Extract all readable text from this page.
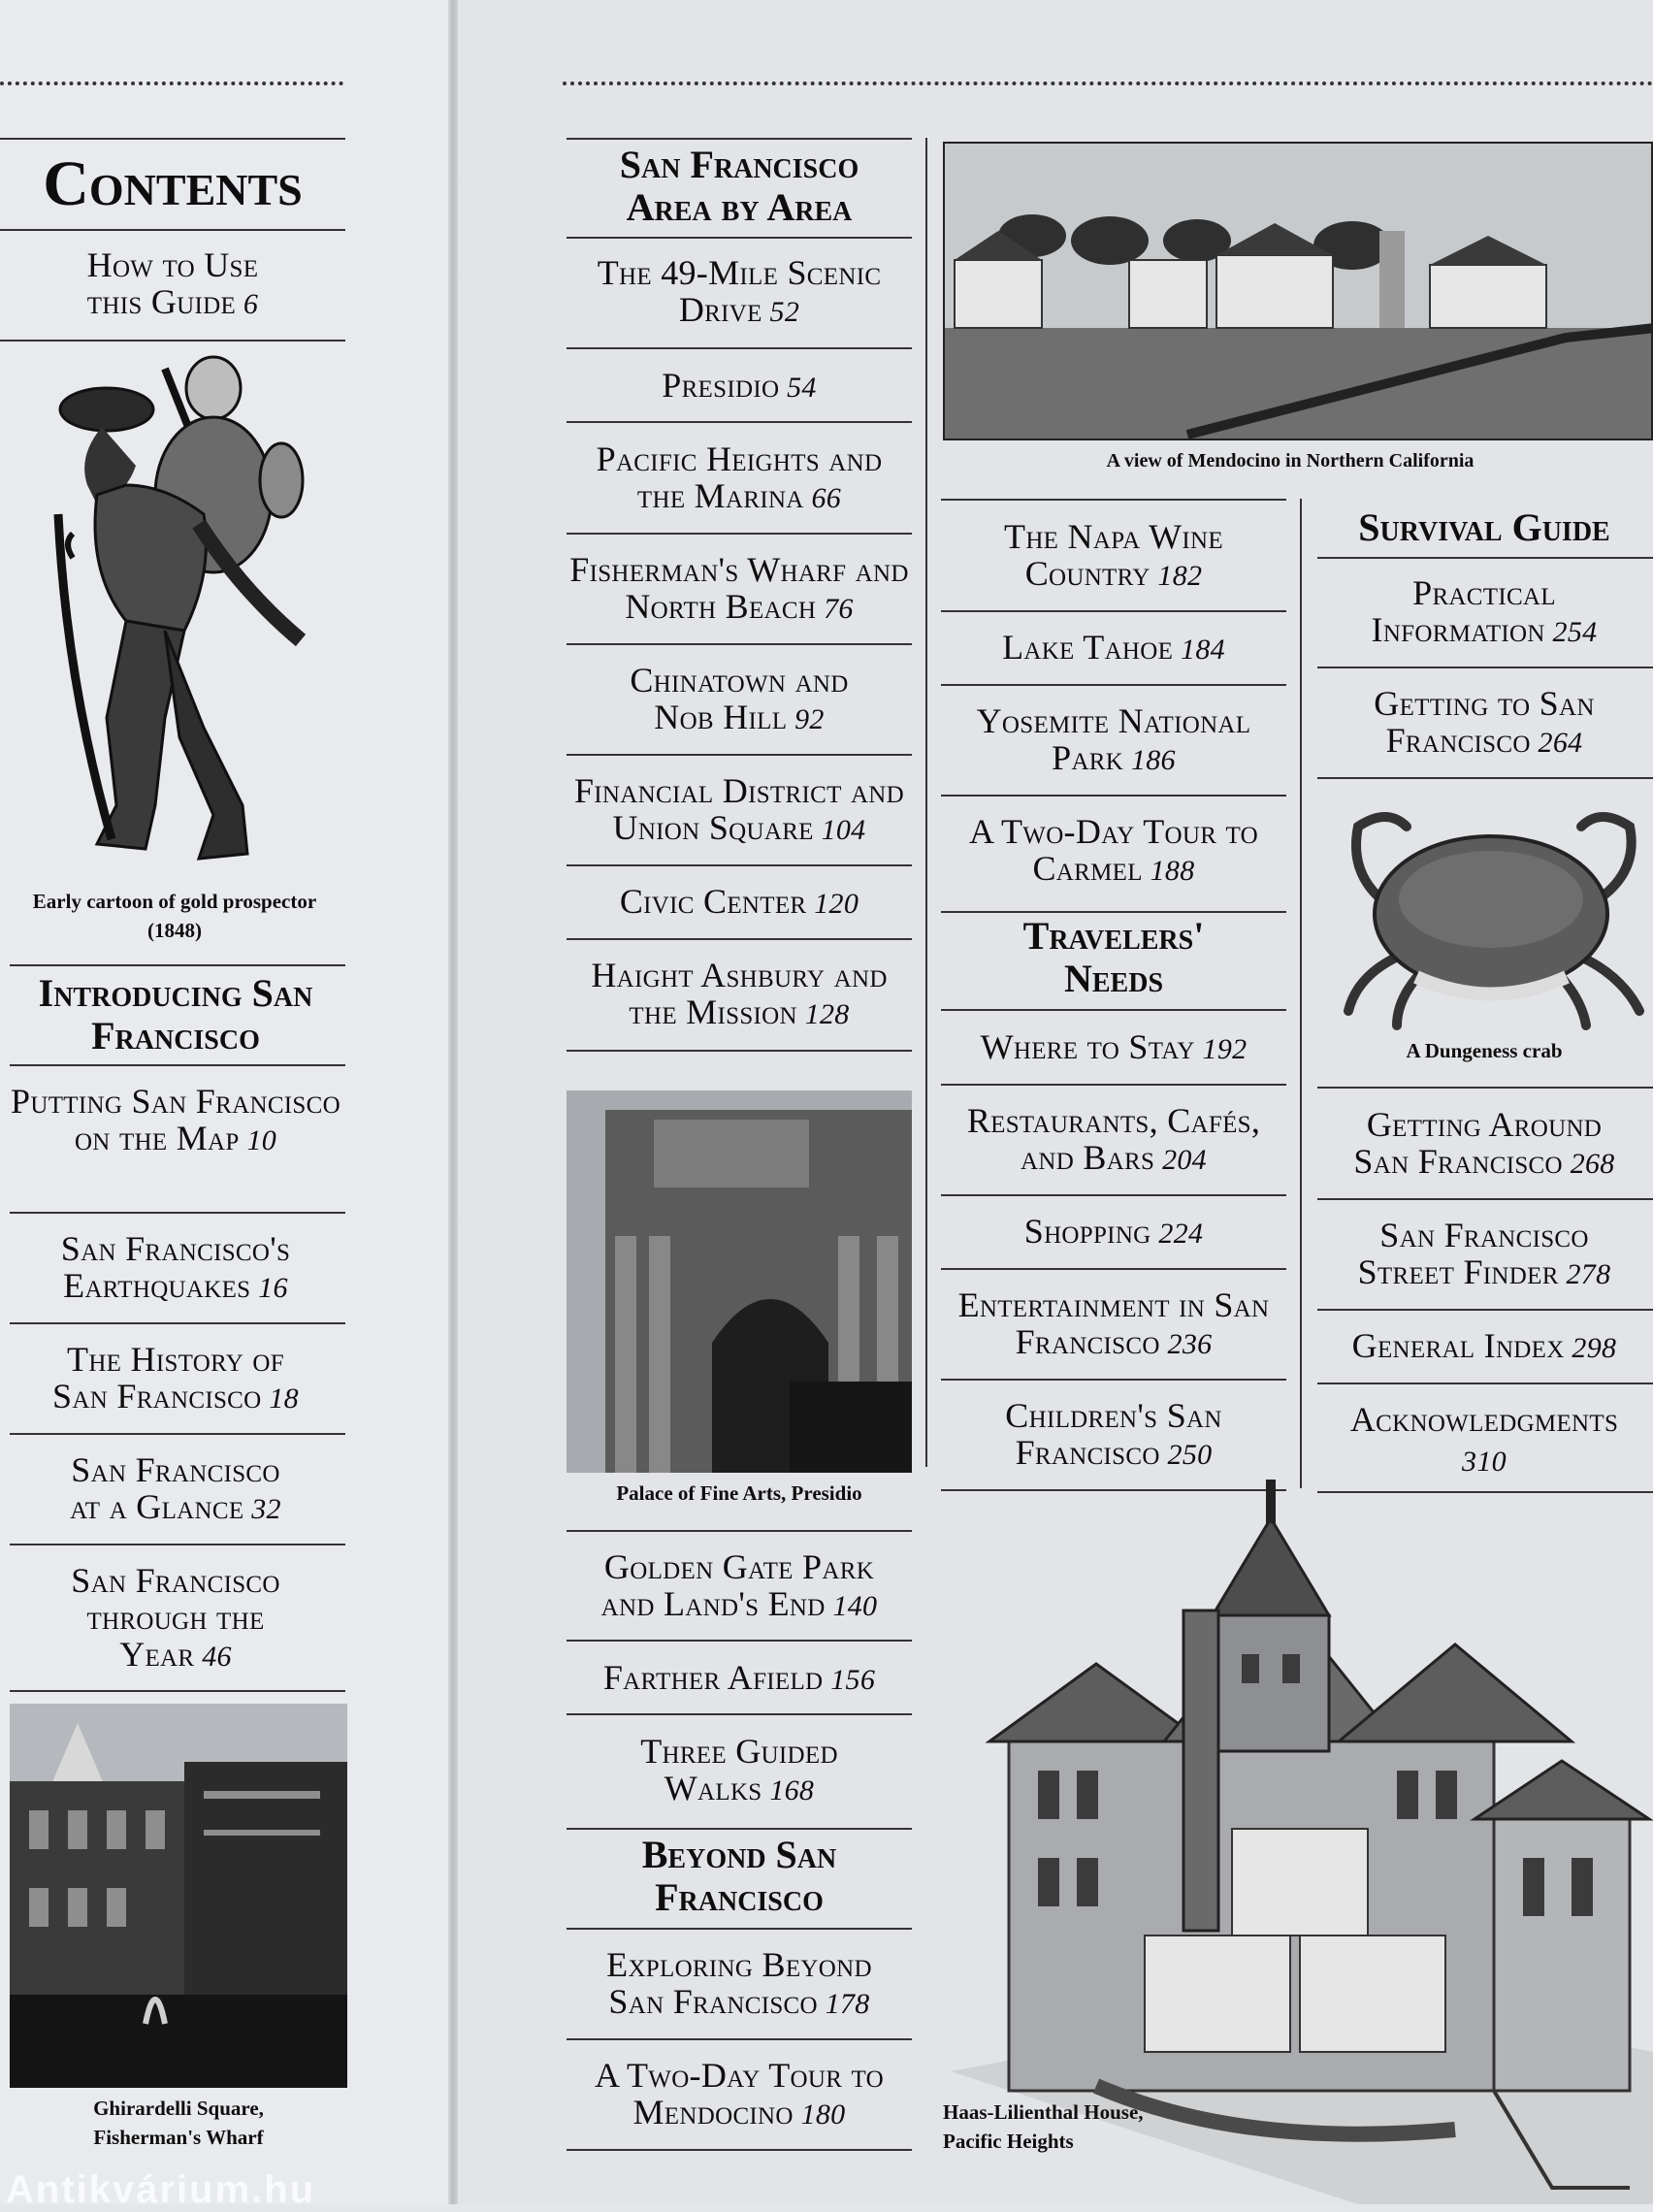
Contents
How to Use this Guide 6
Early cartoon of gold prospector (1848)
Introducing San Francisco
Putting San Francisco on the Map 10
San Francisco's Earthquakes 16
The History of San Francisco 18
San Francisco at a Glance 32
San Francisco through the Year 46
Ghirardelli Square, Fisherman's Wharf
Antikvárium.hu
San Francisco Area by Area
The 49-Mile Scenic Drive 52
Presidio 54
Pacific Heights and the Marina 66
Fisherman's Wharf and North Beach 76
Chinatown and Nob Hill 92
Financial District and Union Square 104
Civic Center 120
Haight Ashbury and the Mission 128
Palace of Fine Arts, Presidio
Golden Gate Park and Land's End 140
Farther Afield 156
Three Guided Walks 168
Beyond San Francisco
Exploring Beyond San Francisco 178
A Two-Day Tour to Mendocino 180
A view of Mendocino in Northern California
The Napa Wine Country 182
Lake Tahoe 184
Yosemite National Park 186
A Two-Day Tour to Carmel 188
Travelers' Needs
Where to Stay 192
Restaurants, Cafés, and Bars 204
Shopping 224
Entertainment in San Francisco 236
Children's San Francisco 250
Survival Guide
Practical Information 254
Getting to San Francisco 264
A Dungeness crab
Getting Around San Francisco 268
San Francisco Street Finder 278
General Index 298
Acknowledgments310
Haas-Lilienthal House, Pacific Heights
